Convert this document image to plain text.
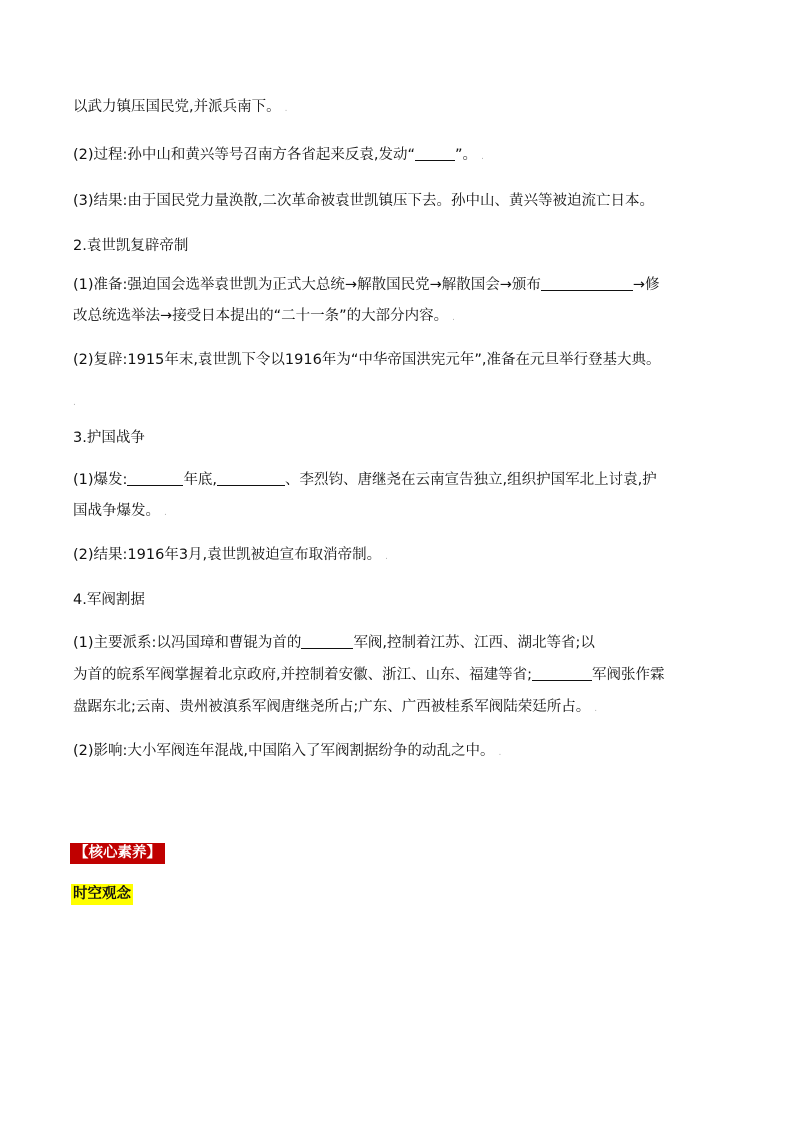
以武力镇压国民党,并派兵南下。 .
(2)过程:孙中山和黄兴等号召南方各省起来反袁,发动“	”。 .
(3)结果:由于国民党力量涣散,二次革命被袁世凯镇压下去。孙中山、黄兴等被迫流亡日本。
2.袁世凯复辟帝制
(1)准备:强迫国会选举袁世凯为正式大总统→解散国民党→解散国会→颁布	→修
改总统选举法→接受日本提出的“二十一条”的大部分内容。 .
(2)复辟:1915年末,袁世凯下令以1916年为“中华帝国洪宪元年”,准备在元旦举行登基大典。
.
3.护国战争
(1)爆发:	年底,	、李烈钧、唐继尧在云南宣告独立,组织护国军北上讨袁,护
国战争爆发。 .
(2)结果:1916年3月,袁世凯被迫宣布取消帝制。 .
4.军阀割据
(1)主要派系:以冯国璋和曹锟为首的	军阀,控制着江苏、江西、湖北等省;以
为首的皖系军阀掌握着北京政府,并控制着安徽、浙江、山东、福建等省;	军阀张作霖
盘踞东北;云南、贵州被滇系军阀唐继尧所占;广东、广西被桂系军阀陆荣廷所占。 .
(2)影响:大小军阀连年混战,中国陷入了军阀割据纷争的动乱之中。 .
【核心素养】
时空观念
